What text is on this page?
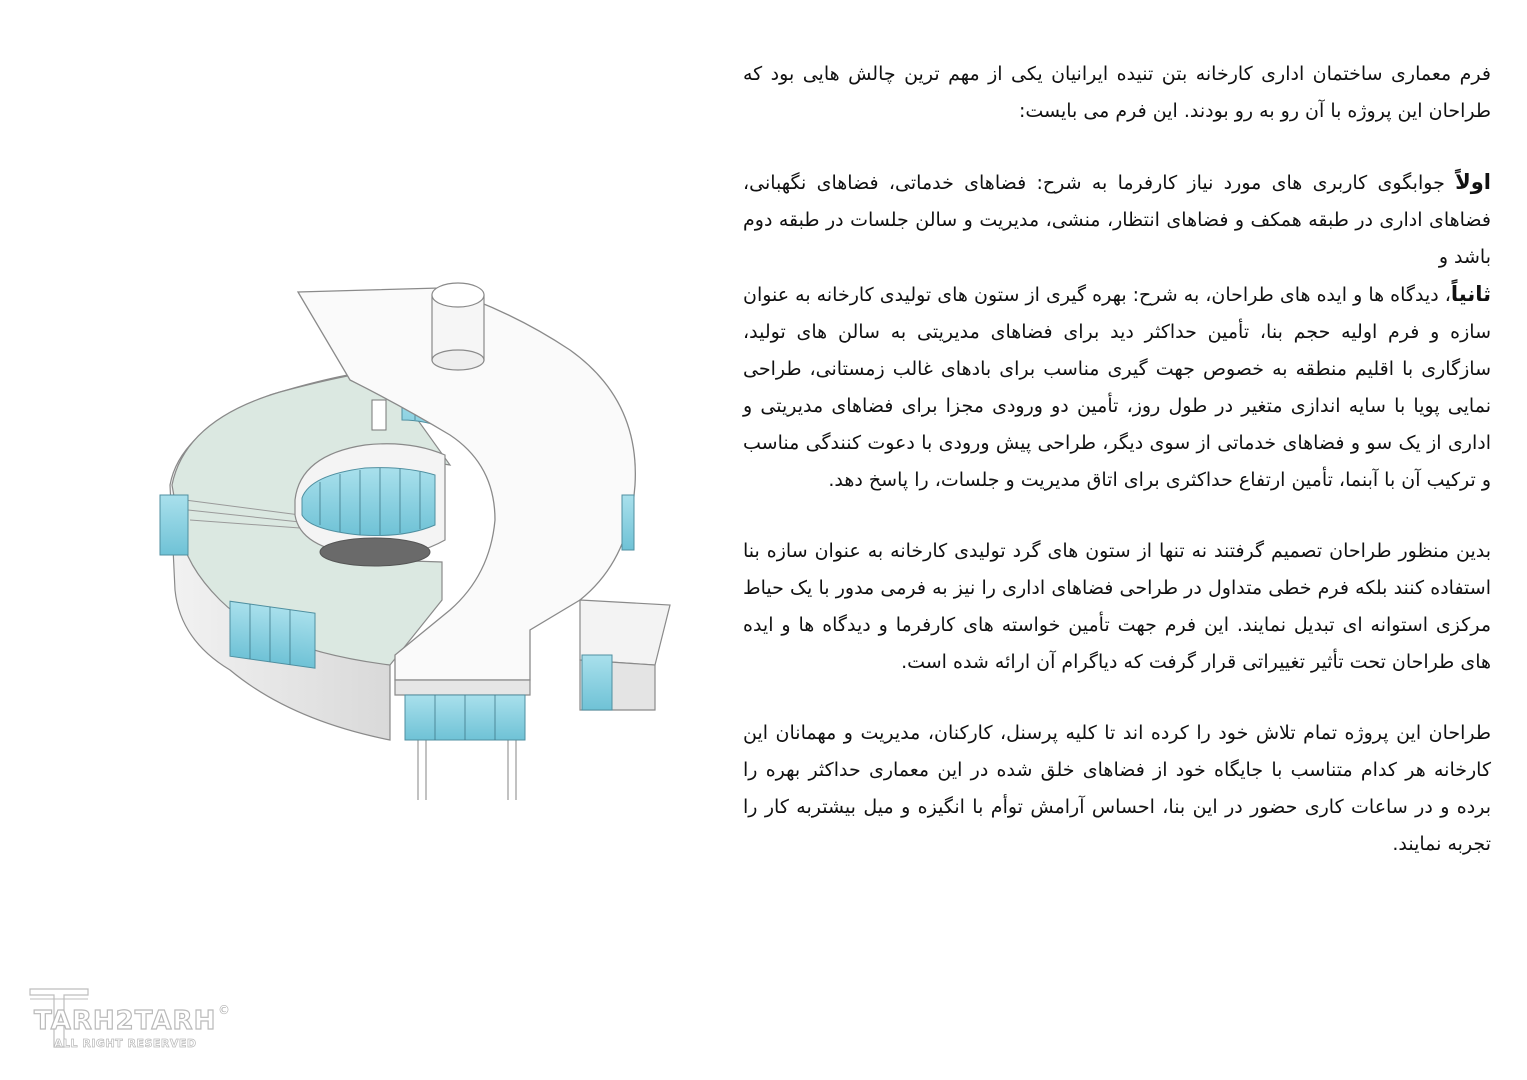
فرم معماری ساختمان اداری کارخانه بتن تنیده ایرانیان یکی از مهم ترین چالش هایی بود که طراحان این پروژه با آن رو به رو بودند. این فرم می بایست:

اولاً جوابگوی کاربری های مورد نیاز کارفرما به شرح: فضاهای خدماتی، فضاهای نگهبانی، فضاهای اداری در طبقه همکف و فضاهای انتظار، منشی، مدیریت و سالن جلسات در طبقه دوم باشد و

ثانیاً، دیدگاه ها و ایده های طراحان، به شرح: بهره گیری از ستون های تولیدی کارخانه به عنوان سازه و فرم اولیه حجم بنا، تأمین حداکثر دید برای فضاهای مدیریتی به سالن های تولید، سازگاری با اقلیم منطقه به خصوص جهت گیری مناسب برای بادهای غالب زمستانی، طراحی نمایی پویا با سایه اندازی متغیر در طول روز، تأمین دو ورودی مجزا برای فضاهای مدیریتی و اداری از یک سو و فضاهای خدماتی از سوی دیگر، طراحی پیش ورودی با دعوت کنندگی مناسب و ترکیب آن با آبنما، تأمین ارتفاع حداکثری برای اتاق مدیریت و جلسات، را پاسخ دهد.

بدین منظور طراحان تصمیم گرفتند نه تنها از ستون های گرد تولیدی کارخانه به عنوان سازه بنا استفاده کنند بلکه فرم خطی متداول در طراحی فضاهای اداری را نیز به فرمی مدور با یک حیاط مرکزی استوانه ای تبدیل نمایند. این فرم جهت تأمین خواسته های کارفرما و دیدگاه ها و ایده های طراحان تحت تأثیر تغییراتی قرار گرفت که دیاگرام آن ارائه شده است.

طراحان این پروژه تمام تلاش خود را کرده اند تا کلیه پرسنل، کارکنان، مدیریت و مهمانان این کارخانه هر کدام متناسب با جایگاه خود از فضاهای خلق شده در این معماری حداکثر بهره را برده و در ساعات کاری حضور در این بنا، احساس آرامش توأم با انگیزه و میل بیشتربه کار را تجربه نمایند.

TARH2TARH
ALL RIGHT RESERVED
©
